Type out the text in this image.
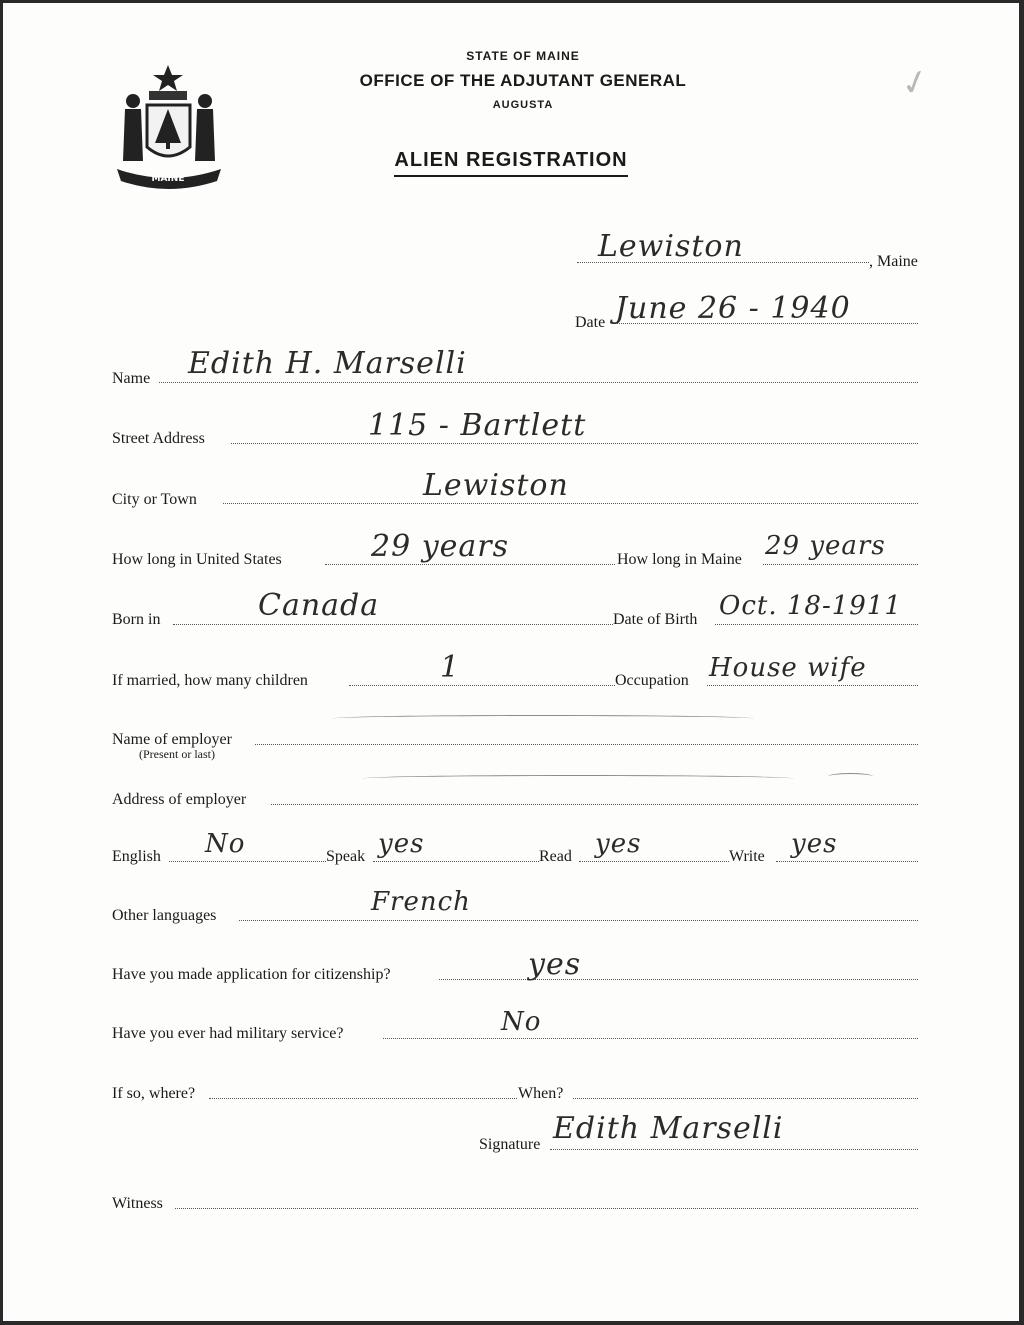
MAINE
STATE OF MAINE
OFFICE OF THE ADJUTANT GENERAL
AUGUSTA
ALIEN REGISTRATION
✓
Lewiston	, Maine
Date June 26 - 1940
Name Edith H. Marselli
Street Address	115 - Bartlett
City or Town	Lewiston
How long in United States	29 years	How long in Maine 29 years
Born in	Canada	Date of Birth Oct. 18-1911
If married, how many children	1	Occupation House wife
Name of employer
(Present or last)
Address of employer
English No	Speak yes	Read yes	Write yes
Other languages	French
Have you made application for citizenship?	yes
Have you ever had military service?	No
If so, where?	When?
Signature Edith Marselli
Witness
